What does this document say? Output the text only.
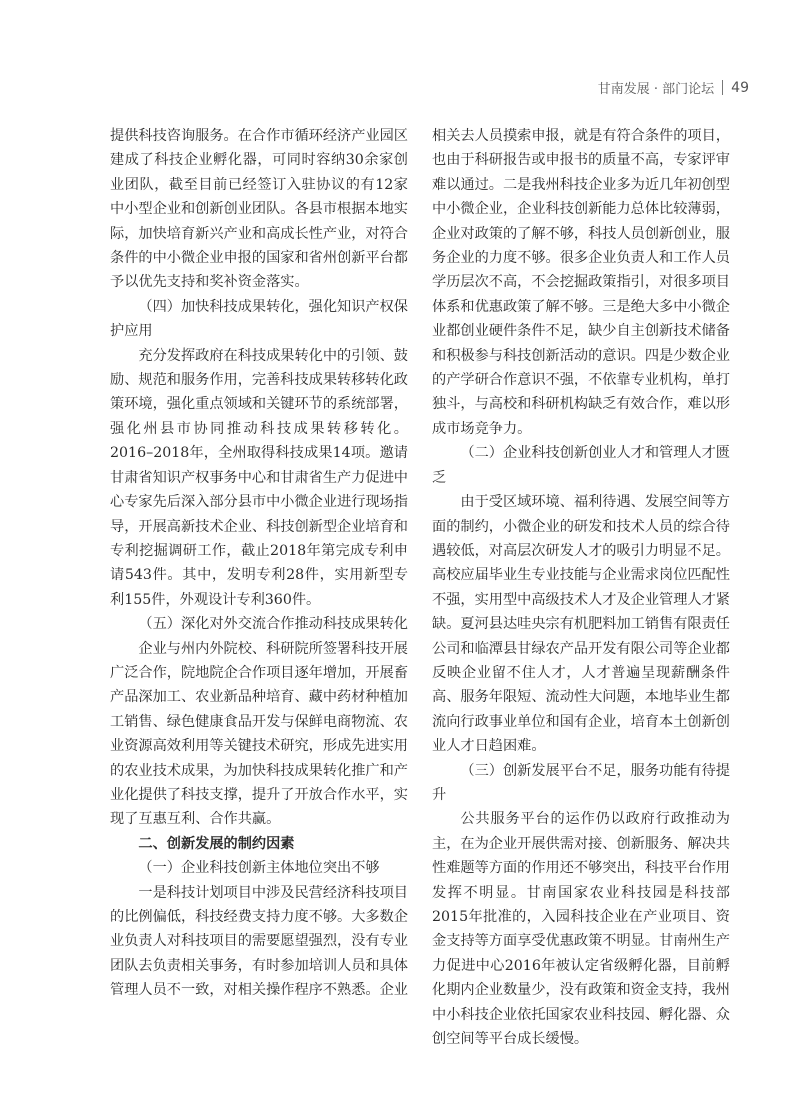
甘南发展 · 部门论坛 49

提供科技咨询服务。在合作市循环经济产业园区建成了科技企业孵化器，可同时容纳30余家创业团队，截至目前已经签订入驻协议的有12家中小型企业和创新创业团队。各县市根据本地实际，加快培育新兴产业和高成长性产业，对符合条件的中小微企业申报的国家和省州创新平台都予以优先支持和奖补资金落实。

（四）加快科技成果转化，强化知识产权保护应用

充分发挥政府在科技成果转化中的引领、鼓励、规范和服务作用，完善科技成果转移转化政策环境，强化重点领域和关键环节的系统部署，强化州县市协同推动科技成果转移转化。2016–2018年，全州取得科技成果14项。邀请甘肃省知识产权事务中心和甘肃省生产力促进中心专家先后深入部分县市中小微企业进行现场指导，开展高新技术企业、科技创新型企业培育和专利挖掘调研工作，截止2018年第完成专利申请543件。其中，发明专利28件，实用新型专利155件，外观设计专利360件。

（五）深化对外交流合作推动科技成果转化

企业与州内外院校、科研院所签署科技开展广泛合作，院地院企合作项目逐年增加，开展畜产品深加工、农业新品种培育、藏中药材种植加工销售、绿色健康食品开发与保鲜电商物流、农业资源高效利用等关键技术研究，形成先进实用的农业技术成果，为加快科技成果转化推广和产业化提供了科技支撑，提升了开放合作水平，实现了互惠互利、合作共赢。

二、创新发展的制约因素

（一）企业科技创新主体地位突出不够

一是科技计划项目中涉及民营经济科技项目的比例偏低，科技经费支持力度不够。大多数企业负责人对科技项目的需要愿望强烈，没有专业团队去负责相关事务，有时参加培训人员和具体管理人员不一致，对相关操作程序不熟悉。企业

相关去人员摸索申报，就是有符合条件的项目，也由于科研报告或申报书的质量不高，专家评审难以通过。二是我州科技企业多为近几年初创型中小微企业，企业科技创新能力总体比较薄弱，企业对政策的了解不够，科技人员创新创业，服务企业的力度不够。很多企业负责人和工作人员学历层次不高，不会挖掘政策指引，对很多项目体系和优惠政策了解不够。三是绝大多中小微企业都创业硬件条件不足，缺少自主创新技术储备和积极参与科技创新活动的意识。四是少数企业的产学研合作意识不强，不依靠专业机构，单打独斗，与高校和科研机构缺乏有效合作，难以形成市场竞争力。

（二）企业科技创新创业人才和管理人才匮乏

由于受区域环境、福利待遇、发展空间等方面的制约，小微企业的研发和技术人员的综合待遇较低，对高层次研发人才的吸引力明显不足。高校应届毕业生专业技能与企业需求岗位匹配性不强，实用型中高级技术人才及企业管理人才紧缺。夏河县达哇央宗有机肥料加工销售有限责任公司和临潭县甘绿农产品开发有限公司等企业都反映企业留不住人才，人才普遍呈现薪酬条件高、服务年限短、流动性大问题，本地毕业生都流向行政事业单位和国有企业，培育本土创新创业人才日趋困难。

（三）创新发展平台不足，服务功能有待提升

公共服务平台的运作仍以政府行政推动为主，在为企业开展供需对接、创新服务、解决共性难题等方面的作用还不够突出，科技平台作用发挥不明显。甘南国家农业科技园是科技部2015年批准的，入园科技企业在产业项目、资金支持等方面享受优惠政策不明显。甘南州生产力促进中心2016年被认定省级孵化器，目前孵化期内企业数量少，没有政策和资金支持，我州中小科技企业依托国家农业科技园、孵化器、众创空间等平台成长缓慢。
